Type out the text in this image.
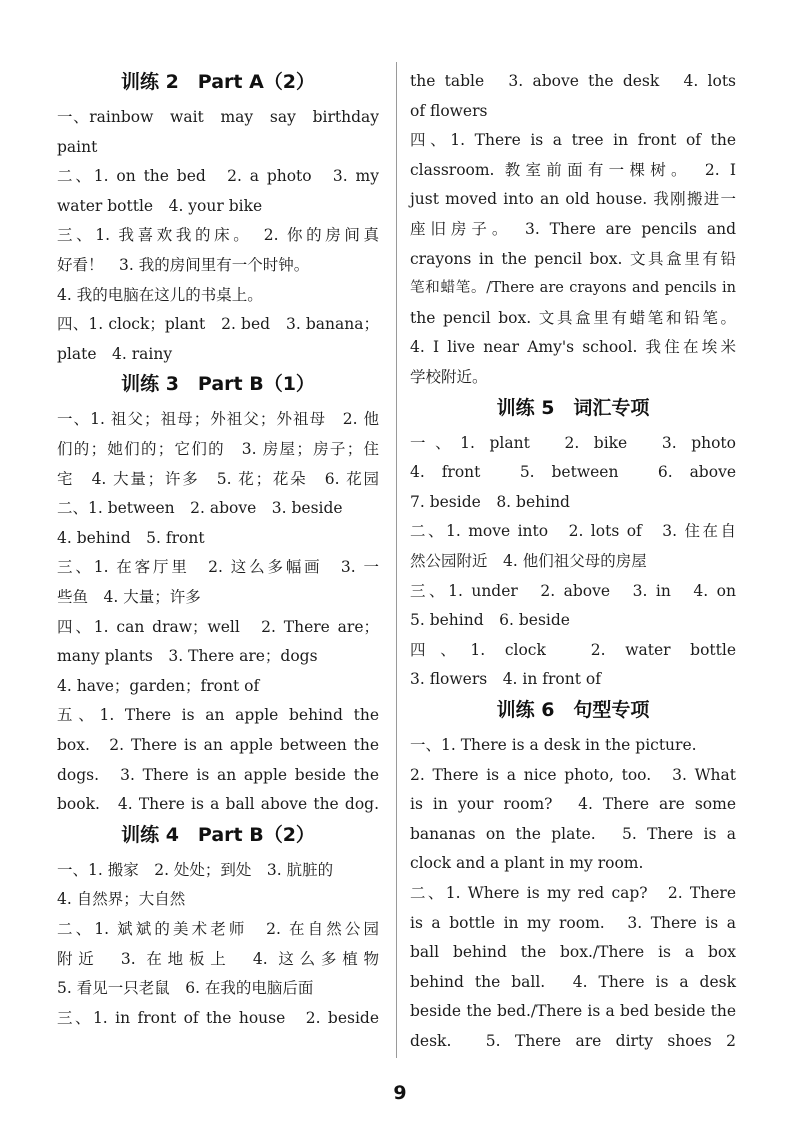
训练 2　Part A（2）
一、rainbow　wait　may　say　birthday
paint
二、1. on the bed　2. a photo　3. my
water bottle　4. your bike
三、1. 我喜欢我的床。　2. 你的房间真
好看！　3. 我的房间里有一个时钟。
4. 我的电脑在这儿的书桌上。
四、1. clock；plant　2. bed　3. banana；
plate　4. rainy
训练 3　Part B（1）
一、1. 祖父；祖母；外祖父；外祖母　2. 他
们的；她们的；它们的　3. 房屋；房子；住
宅　4. 大量；许多　5. 花；花朵　6. 花园
二、1. between　2. above　3. beside
4. behind　5. front
三、1. 在客厅里　2. 这么多幅画　3. 一
些鱼　4. 大量；许多
四、1. can draw；well　2. There are；
many plants　3. There are；dogs
4. have；garden；front of
五、1. There is an apple behind the
box.　2. There is an apple between the
dogs.　3. There is an apple beside the
book.　4. There is a ball above the dog.
训练 4　Part B（2）
一、1. 搬家　2. 处处；到处　3. 肮脏的
4. 自然界；大自然
二、1. 斌斌的美术老师　2. 在自然公园
附近　3. 在地板上　4. 这么多植物
5. 看见一只老鼠　6. 在我的电脑后面
三、1. in front of the house　2. beside
the table　3. above the desk　4. lots
of flowers
四、1. There is a tree in front of the
classroom. 教室前面有一棵树。　2. I
just moved into an old house. 我刚搬进一
座旧房子。　3. There are pencils and
crayons in the pencil box. 文具盒里有铅
笔和蜡笔。/There are crayons and pencils in
the pencil box. 文具盒里有蜡笔和铅笔。
4. I live near Amy's school. 我住在埃米
学校附近。
训练 5　词汇专项
一、1. plant　2. bike　3. photo
4. front　5. between　6. above
7. beside　8. behind
二、1. move into　2. lots of　3. 住在自
然公园附近　4. 他们祖父母的房屋
三、1. under　2. above　3. in　4. on
5. behind　6. beside
四、1. clock　2. water bottle
3. flowers　4. in front of
训练 6　句型专项
一、1. There is a desk in the picture.
2. There is a nice photo, too.　3. What
is in your room?　4. There are some
bananas on the plate.　5. There is a
clock and a plant in my room.
二、1. Where is my red cap?　2. There
is a bottle in my room.　3. There is a
ball behind the box./There is a box
behind the ball.　4. There is a desk
beside the bed./There is a bed beside the
desk.　5. There are dirty shoes 2
9
